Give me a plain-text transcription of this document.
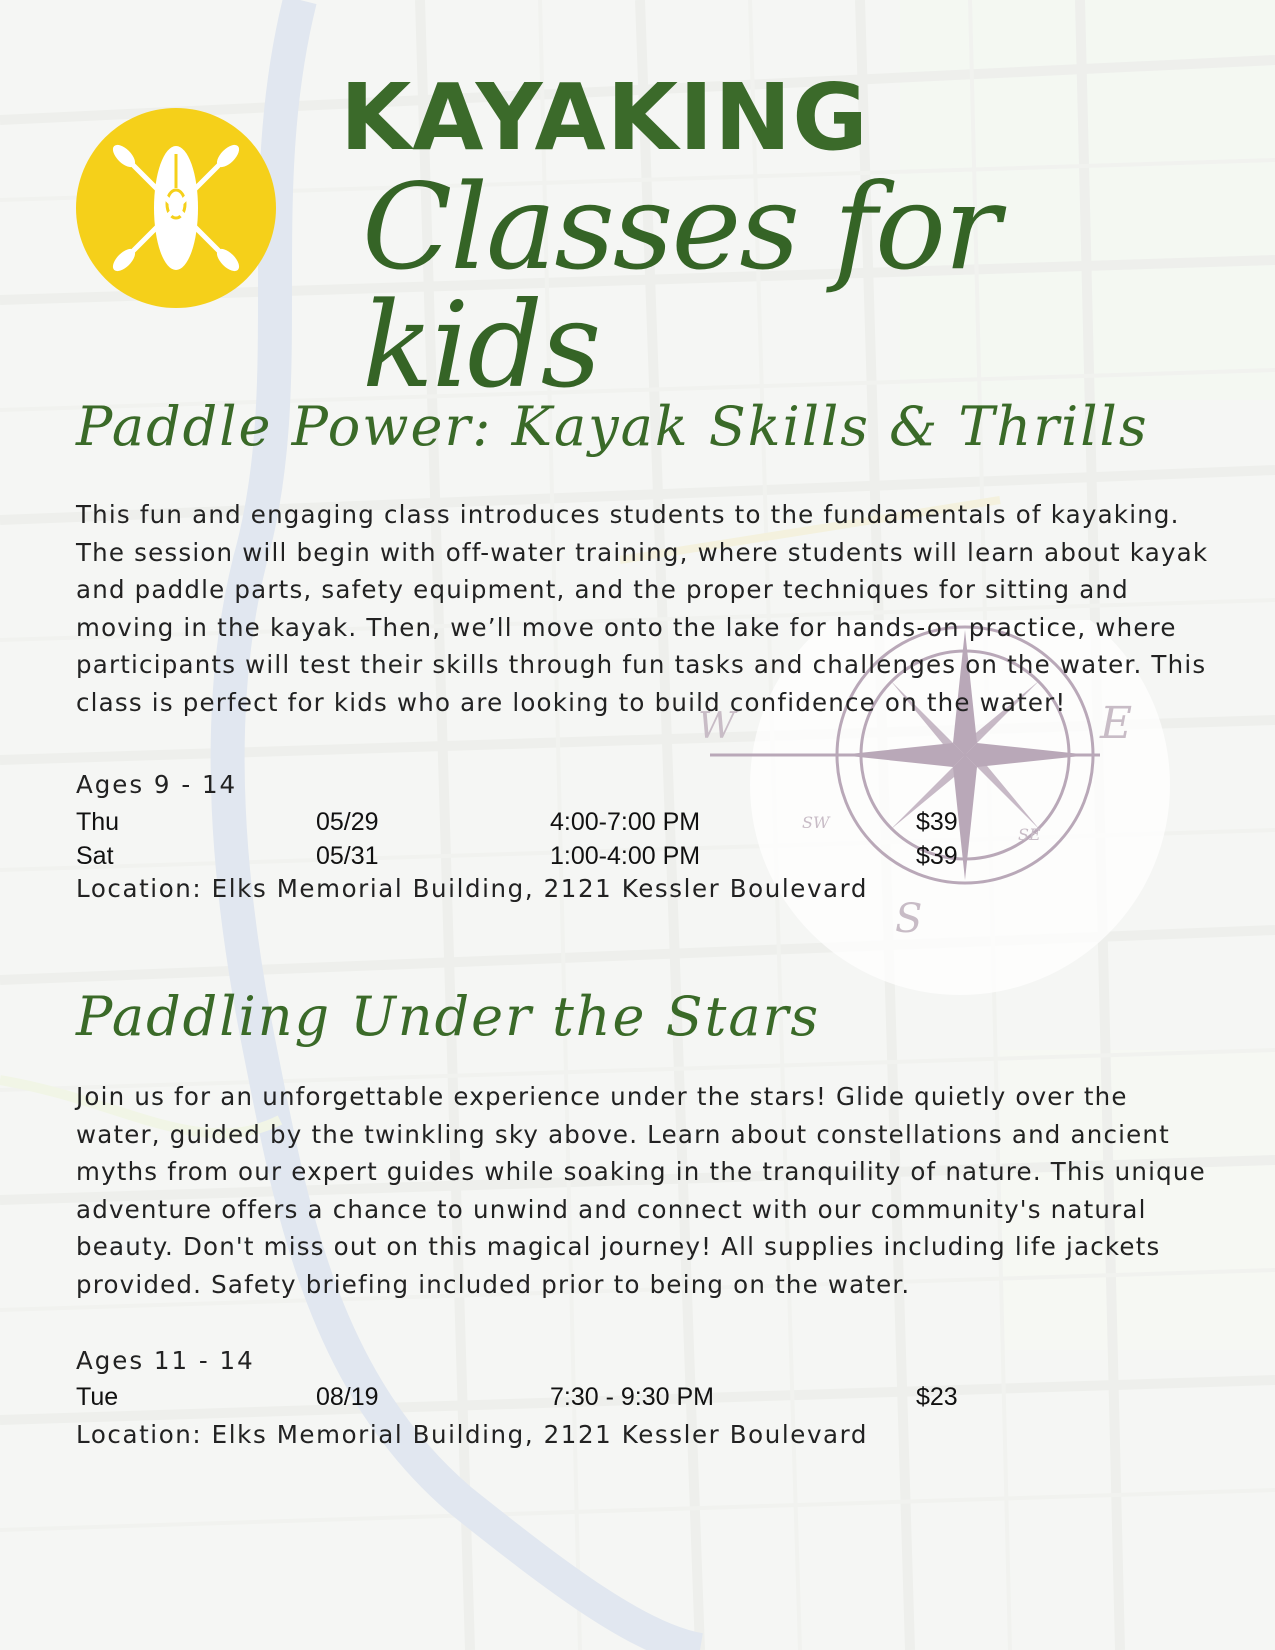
KAYAKING
Classes for kids
W	E
S
SW
SE
Paddle Power: Kayak Skills & Thrills
This fun and engaging class introduces students to the fundamentals of kayaking. The session will begin with off-water training, where students will learn about kayak and paddle parts, safety equipment, and the proper techniques for sitting and moving in the kayak. Then, we’ll move onto the lake for hands-on practice, where participants will test their skills through fun tasks and challenges on the water. This class is perfect for kids who are looking to build confidence on the water!
Ages 9 - 14
Thu	05/29	4:00-7:00 PM	$39
Sat	05/31	1:00-4:00 PM	$39
Location: Elks Memorial Building, 2121 Kessler Boulevard
Paddling Under the Stars
Join us for an unforgettable experience under the stars! Glide quietly over the water, guided by the twinkling sky above. Learn about constellations and ancient myths from our expert guides while soaking in the tranquility of nature. This unique adventure offers a chance to unwind and connect with our community's natural beauty. Don't miss out on this magical journey! All supplies including life jackets provided. Safety briefing included prior to being on the water.
Ages 11 - 14
Tue	08/19	7:30 - 9:30 PM	$23
Location: Elks Memorial Building, 2121 Kessler Boulevard
